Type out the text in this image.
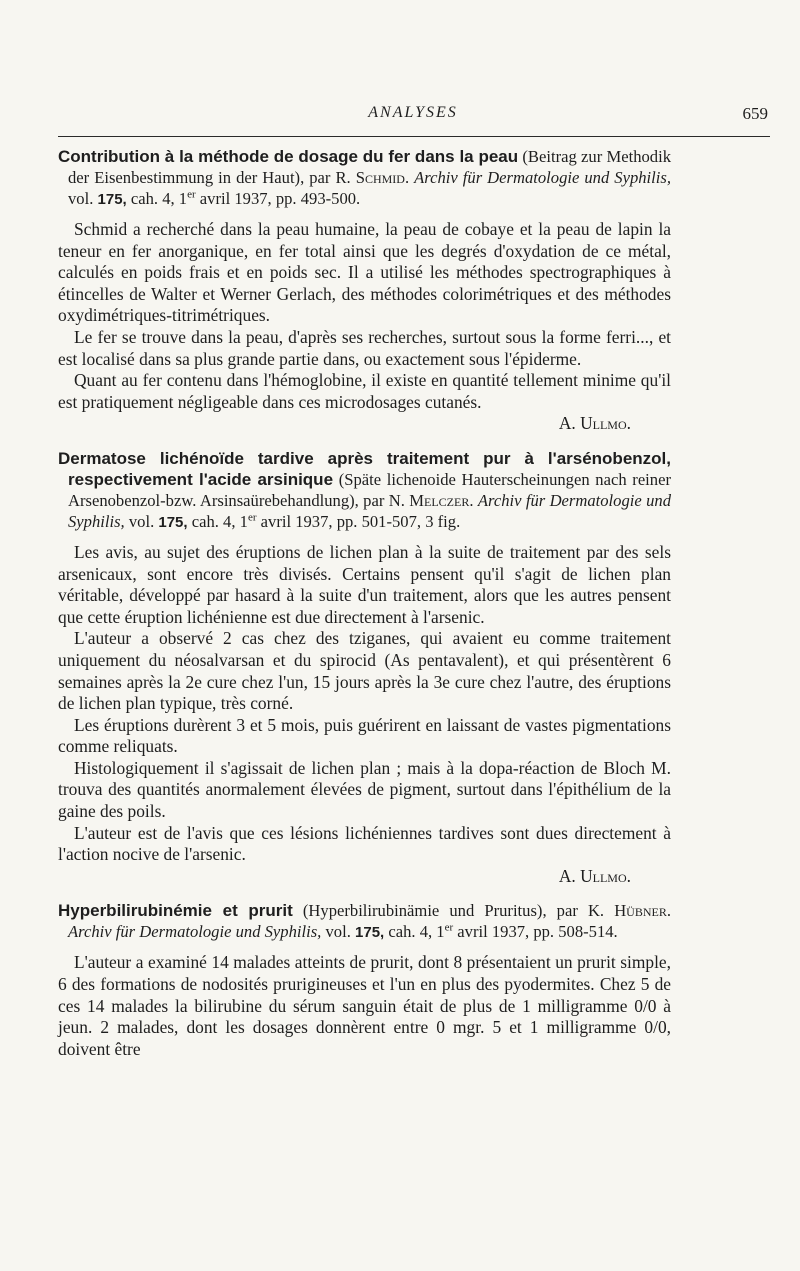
ANALYSES	659

Contribution à la méthode de dosage du fer dans la peau (Beitrag zur Methodik der Eisenbestimmung in der Haut), par R. Schmid. Archiv für Dermatologie und Syphilis, vol. 175, cah. 4, 1er avril 1937, pp. 493-500.

Schmid a recherché dans la peau humaine, la peau de cobaye et la peau de lapin la teneur en fer anorganique, en fer total ainsi que les degrés d'oxydation de ce métal, calculés en poids frais et en poids sec. Il a utilisé les méthodes spectrographiques à étincelles de Walter et Werner Gerlach, des méthodes colorimétriques et des méthodes oxydimétriques-titrimétriques.

Le fer se trouve dans la peau, d'après ses recherches, surtout sous la forme ferri..., et est localisé dans sa plus grande partie dans, ou exactement sous l'épiderme.

Quant au fer contenu dans l'hémoglobine, il existe en quantité tellement minime qu'il est pratiquement négligeable dans ces microdosages cutanés.

A. Ullmo.

Dermatose lichénoïde tardive après traitement pur à l'arsénobenzol, respectivement l'acide arsinique (Späte lichenoide Hauterscheinungen nach reiner Arsenobenzol-bzw. Arsinsaürebehandlung), par N. Melczer. Archiv für Dermatologie und Syphilis, vol. 175, cah. 4, 1er avril 1937, pp. 501-507, 3 fig.

Les avis, au sujet des éruptions de lichen plan à la suite de traitement par des sels arsenicaux, sont encore très divisés. Certains pensent qu'il s'agit de lichen plan véritable, développé par hasard à la suite d'un traitement, alors que les autres pensent que cette éruption lichénienne est due directement à l'arsenic.

L'auteur a observé 2 cas chez des tziganes, qui avaient eu comme traitement uniquement du néosalvarsan et du spirocid (As pentavalent), et qui présentèrent 6 semaines après la 2e cure chez l'un, 15 jours après la 3e cure chez l'autre, des éruptions de lichen plan typique, très corné.

Les éruptions durèrent 3 et 5 mois, puis guérirent en laissant de vastes pigmentations comme reliquats.

Histologiquement il s'agissait de lichen plan ; mais à la dopa-réaction de Bloch M. trouva des quantités anormalement élevées de pigment, surtout dans l'épithélium de la gaine des poils.

L'auteur est de l'avis que ces lésions lichéniennes tardives sont dues directement à l'action nocive de l'arsenic.

A. Ullmo.

Hyperbilirubinémie et prurit (Hyperbilirubinämie und Pruritus), par K. Hübner. Archiv für Dermatologie und Syphilis, vol. 175, cah. 4, 1er avril 1937, pp. 508-514.

L'auteur a examiné 14 malades atteints de prurit, dont 8 présentaient un prurit simple, 6 des formations de nodosités prurigineuses et l'un en plus des pyodermites. Chez 5 de ces 14 malades la bilirubine du sérum sanguin était de plus de 1 milligramme 0/0 à jeun. 2 malades, dont les dosages donnèrent entre 0 mgr. 5 et 1 milligramme 0/0, doivent être
